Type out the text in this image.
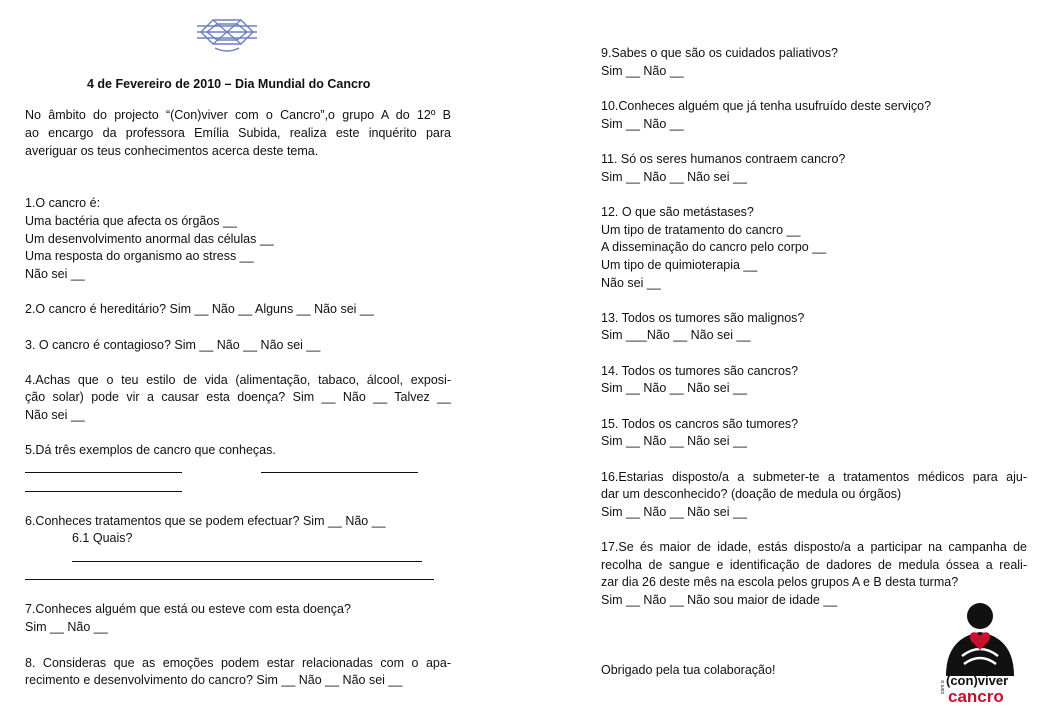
4 de Fevereiro de 2010 – Dia Mundial do Cancro
No âmbito do projecto “(Con)viver com o Cancro”,o grupo A do 12º B
ao encargo da professora Emília Subida, realiza este inquérito para
averiguar os teus conhecimentos acerca deste tema.
1.O cancro é:
Uma bactéria que afecta os órgãos __
Um desenvolvimento anormal das células __
Uma resposta do organismo ao stress __
Não sei __
2.O cancro é hereditário? Sim __ Não __ Alguns __ Não sei __
3. O cancro é contagioso? Sim __ Não __ Não sei __
4.Achas que o teu estilo de vida (alimentação, tabaco, álcool, exposi-
ção solar) pode vir a causar esta doença? Sim __ Não __ Talvez __
Não sei __
5.Dá três exemplos de cancro que conheças.
6.Conheces tratamentos que se podem efectuar? Sim __ Não __
6.1 Quais?
7.Conheces alguém que está ou esteve com esta doença?
Sim __ Não __
8. Consideras que as emoções podem estar relacionadas com o apa-
recimento e desenvolvimento do cancro? Sim __ Não __ Não sei __
9.Sabes o que são os cuidados paliativos?
Sim __ Não __
10.Conheces alguém que já tenha usufruído deste serviço?
Sim __ Não __
11. Só os seres humanos contraem cancro?
Sim __ Não __ Não sei __
12. O que são metástases?
Um tipo de tratamento do cancro __
A disseminação do cancro pelo corpo __
Um tipo de quimioterapia __
Não sei __
13. Todos os tumores são malignos?
Sim ___Não __ Não sei __
14. Todos os tumores são cancros?
Sim __ Não __ Não sei __
15. Todos os cancros são tumores?
Sim __ Não __ Não sei __
16.Estarias disposto/a a submeter-te a tratamentos médicos para aju-
dar um desconhecido? (doação de medula ou órgãos)
Sim __ Não __ Não sei __
17.Se és maior de idade, estás disposto/a a participar na campanha de
recolha de sangue e identificação de dadores de medula óssea a reali-
zar dia 26 deste mês na escola pelos grupos A e B desta turma?
Sim __ Não __ Não sou maior de idade __
Obrigado pela tua colaboração!
(con)viver
com o cancro
